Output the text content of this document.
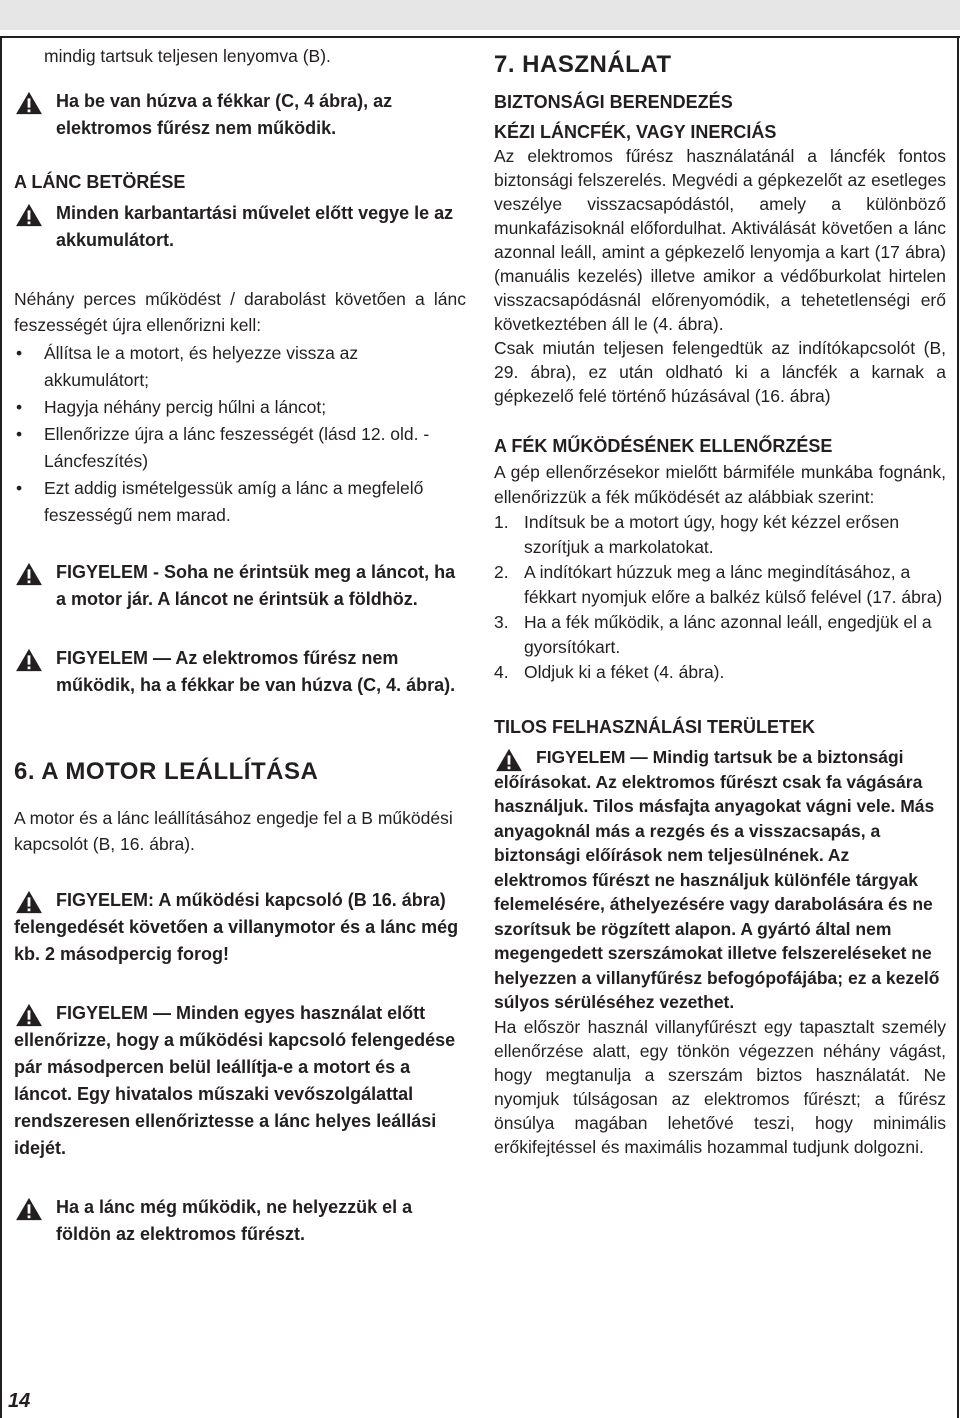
mindig tartsuk teljesen lenyomva (B).

Ha be van húzva a fékkar (C, 4 ábra), az elektromos fűrész nem működik.

A LÁNC BETÖRÉSE

Minden karbantartási művelet előtt vegye le az akkumulátort.

Néhány perces működést / darabolást követően a lánc feszességét újra ellenőrizni kell:

• Állítsa le a motort, és helyezze vissza az akkumulátort;
• Hagyja néhány percig hűlni a láncot;
• Ellenőrizze újra a lánc feszességét (lásd 12. old. - Láncfeszítés)
• Ezt addig ismételgessük amíg a lánc a megfelelő feszességű nem marad.
FIGYELEM - Soha ne érintsük meg a láncot, ha a motor jár. A láncot ne érintsük a földhöz.
FIGYELEM — Az elektromos fűrész nem működik, ha a fékkar be van húzva (C, 4. ábra).

6. A MOTOR LEÁLLÍTÁSA

A motor és a lánc leállításához engedje fel a B működési kapcsolót (B, 16. ábra).

FIGYELEM: A működési kapcsoló (B 16. ábra) felengedését követően a villanymotor és a lánc még kb. 2 másodpercig forog!
FIGYELEM — Minden egyes használat előtt ellenőrizze, hogy a működési kapcsoló felengedése pár másodpercen belül leállítja-e a motort és a láncot. Egy hivatalos műszaki vevőszolgálattal rendszeresen ellenőriztesse a lánc helyes leállási idejét.
Ha a lánc még működik, ne helyezzük el a földön az elektromos fűrészt.

7. HASZNÁLAT

BIZTONSÁGI BERENDEZÉS

KÉZI LÁNCFÉK, VAGY INERCIÁS

Az elektromos fűrész használatánál a láncfék fontos biztonsági felszerelés. Megvédi a gépkezelőt az esetleges veszélye visszacsapódástól, amely a különböző munkafázisoknál előfordulhat. Aktiválását követően a lánc azonnal leáll, amint a gépkezelő lenyomja a kart (17 ábra) (manuális kezelés) illetve amikor a védőburkolat hirtelen visszacsapódásnál előrenyomódik, a tehetetlenségi erő következtében áll le (4. ábra).

Csak miután teljesen felengedtük az indítókapcsolót (B, 29. ábra), ez után oldható ki a láncfék a karnak a gépkezelő felé történő húzásával (16. ábra)

A FÉK MŰKÖDÉSÉNEK ELLENŐRZÉSE

A gép ellenőrzésekor mielőtt bármiféle munkába fognánk, ellenőrizzük a fék működését az alábbiak szerint:

1. Indítsuk be a motort úgy, hogy két kézzel erősen szorítjuk a markolatokat.
2. A indítókart húzzuk meg a lánc megindításához, a fékkart nyomjuk előre a balkéz külső felével (17. ábra)
3. Ha a fék működik, a lánc azonnal leáll, engedjük el a gyorsítókart.
4. Oldjuk ki a féket (4. ábra).

TILOS FELHASZNÁLÁSI TERÜLETEK

FIGYELEM — Mindig tartsuk be a biztonsági előírásokat. Az elektromos fűrészt csak fa vágására használjuk. Tilos másfajta anyagokat vágni vele. Más anyagoknál más a rezgés és a visszacsapás, a biztonsági előírások nem teljesülnének. Az elektromos fűrészt ne használjuk különféle tárgyak felemelésére, áthelyezésére vagy darabolására és ne szorítsuk be rögzített alapon. A gyártó által nem megengedett szerszámokat illetve felszereléseket ne helyezzen a villanyfűrész befogópofájába; ez a kezelő súlyos sérüléséhez vezethet.

Ha először használ villanyfűrészt egy tapasztalt személy ellenőrzése alatt, egy tönkön végezzen néhány vágást, hogy megtanulja a szerszám biztos használatát. Ne nyomjuk túlságosan az elektromos fűrészt; a fűrész önsúlya magában lehetővé teszi, hogy minimális erőkifejtéssel és maximális hozammal tudjunk dolgozni.

14
